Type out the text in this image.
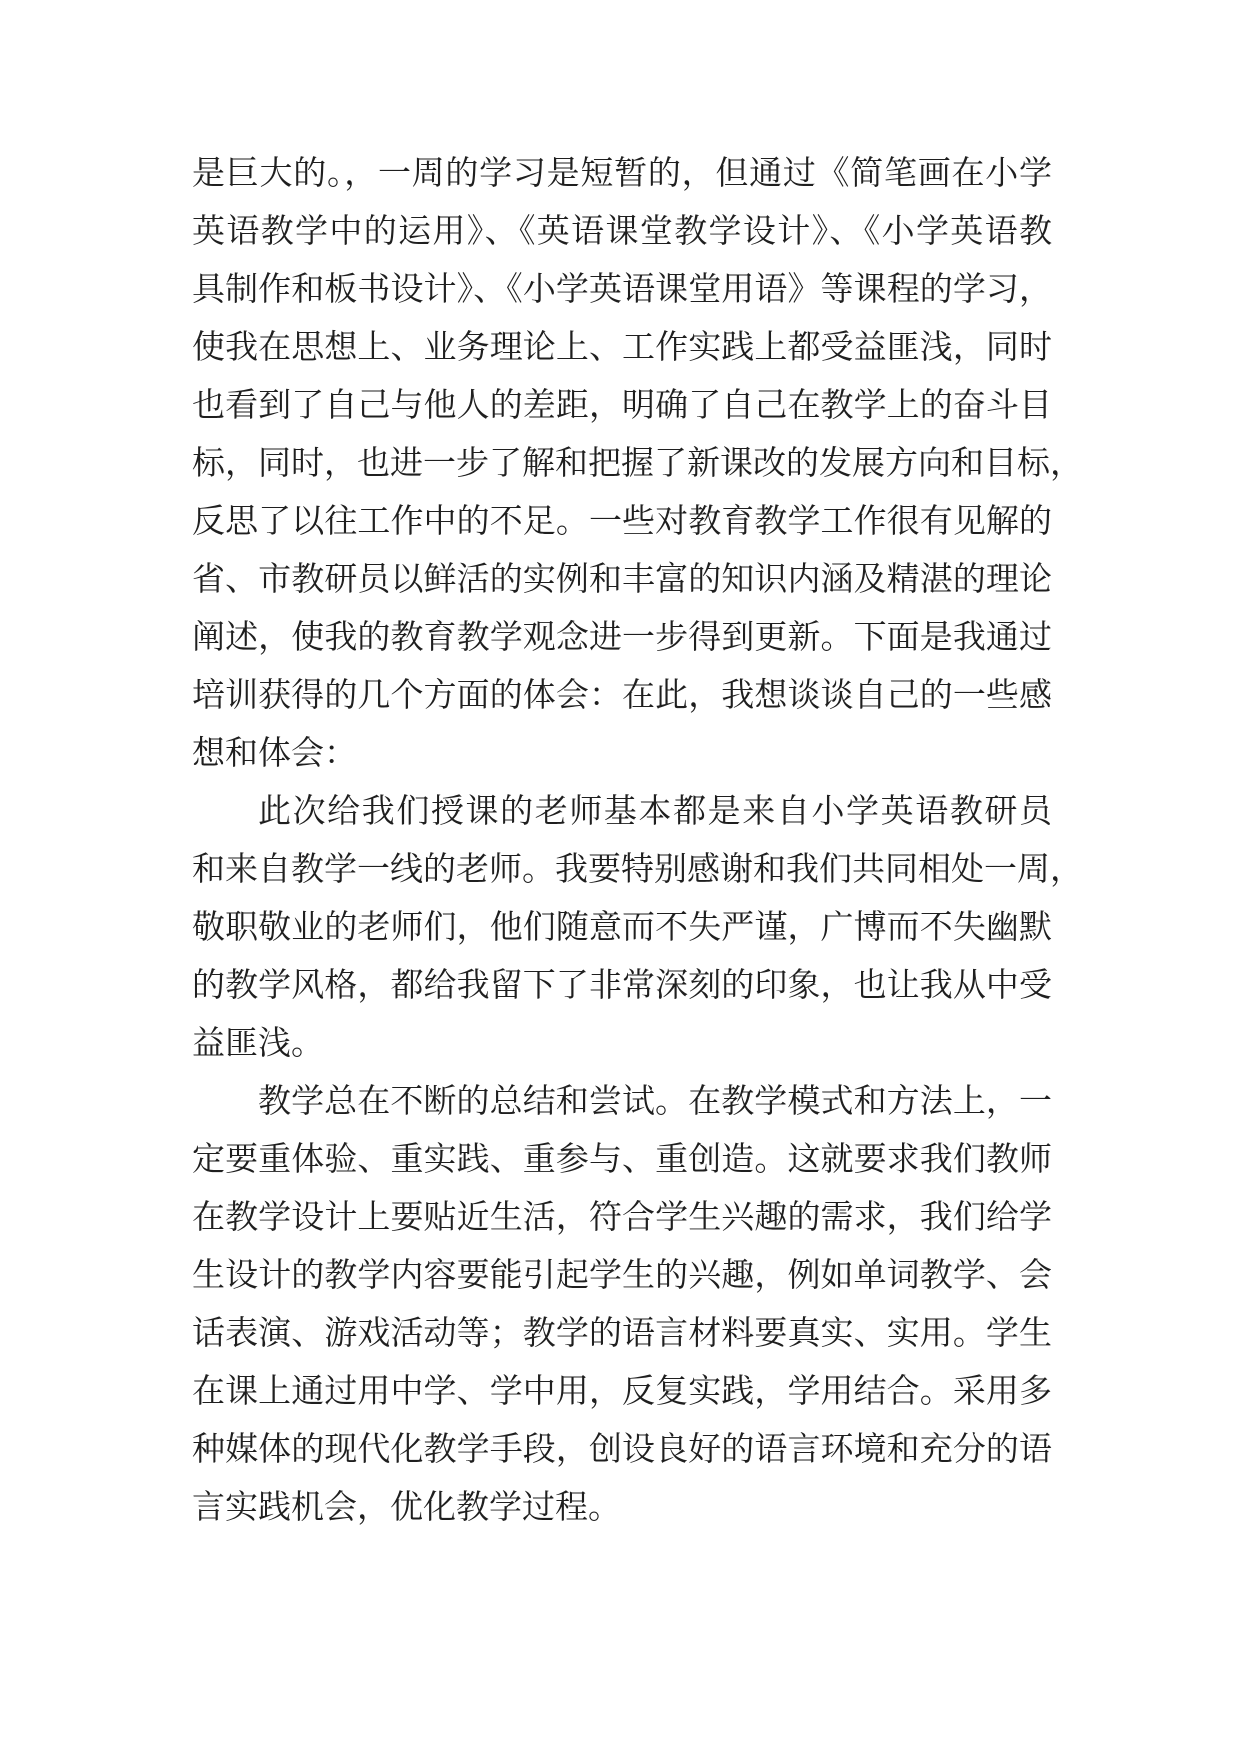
是巨大的。，一周的学习是短暂的，但通过《简笔画在小学

英语教学中的运用》、《英语课堂教学设计》、《小学英语教

具制作和板书设计》、《小学英语课堂用语》等课程的学习，

使我在思想上、业务理论上、工作实践上都受益匪浅，同时

也看到了自己与他人的差距，明确了自己在教学上的奋斗目

标，同时，也进一步了解和把握了新课改的发展方向和目标，

反思了以往工作中的不足。一些对教育教学工作很有见解的

省、市教研员以鲜活的实例和丰富的知识内涵及精湛的理论

阐述，使我的教育教学观念进一步得到更新。下面是我通过

培训获得的几个方面的体会：在此，我想谈谈自己的一些感

想和体会：

此次给我们授课的老师基本都是来自小学英语教研员

和来自教学一线的老师。我要特别感谢和我们共同相处一周，

敬职敬业的老师们，他们随意而不失严谨，广博而不失幽默

的教学风格，都给我留下了非常深刻的印象，也让我从中受

益匪浅。

教学总在不断的总结和尝试。在教学模式和方法上，一

定要重体验、重实践、重参与、重创造。这就要求我们教师

在教学设计上要贴近生活，符合学生兴趣的需求，我们给学

生设计的教学内容要能引起学生的兴趣，例如单词教学、会

话表演、游戏活动等；教学的语言材料要真实、实用。学生

在课上通过用中学、学中用，反复实践，学用结合。采用多

种媒体的现代化教学手段，创设良好的语言环境和充分的语

言实践机会，优化教学过程。
